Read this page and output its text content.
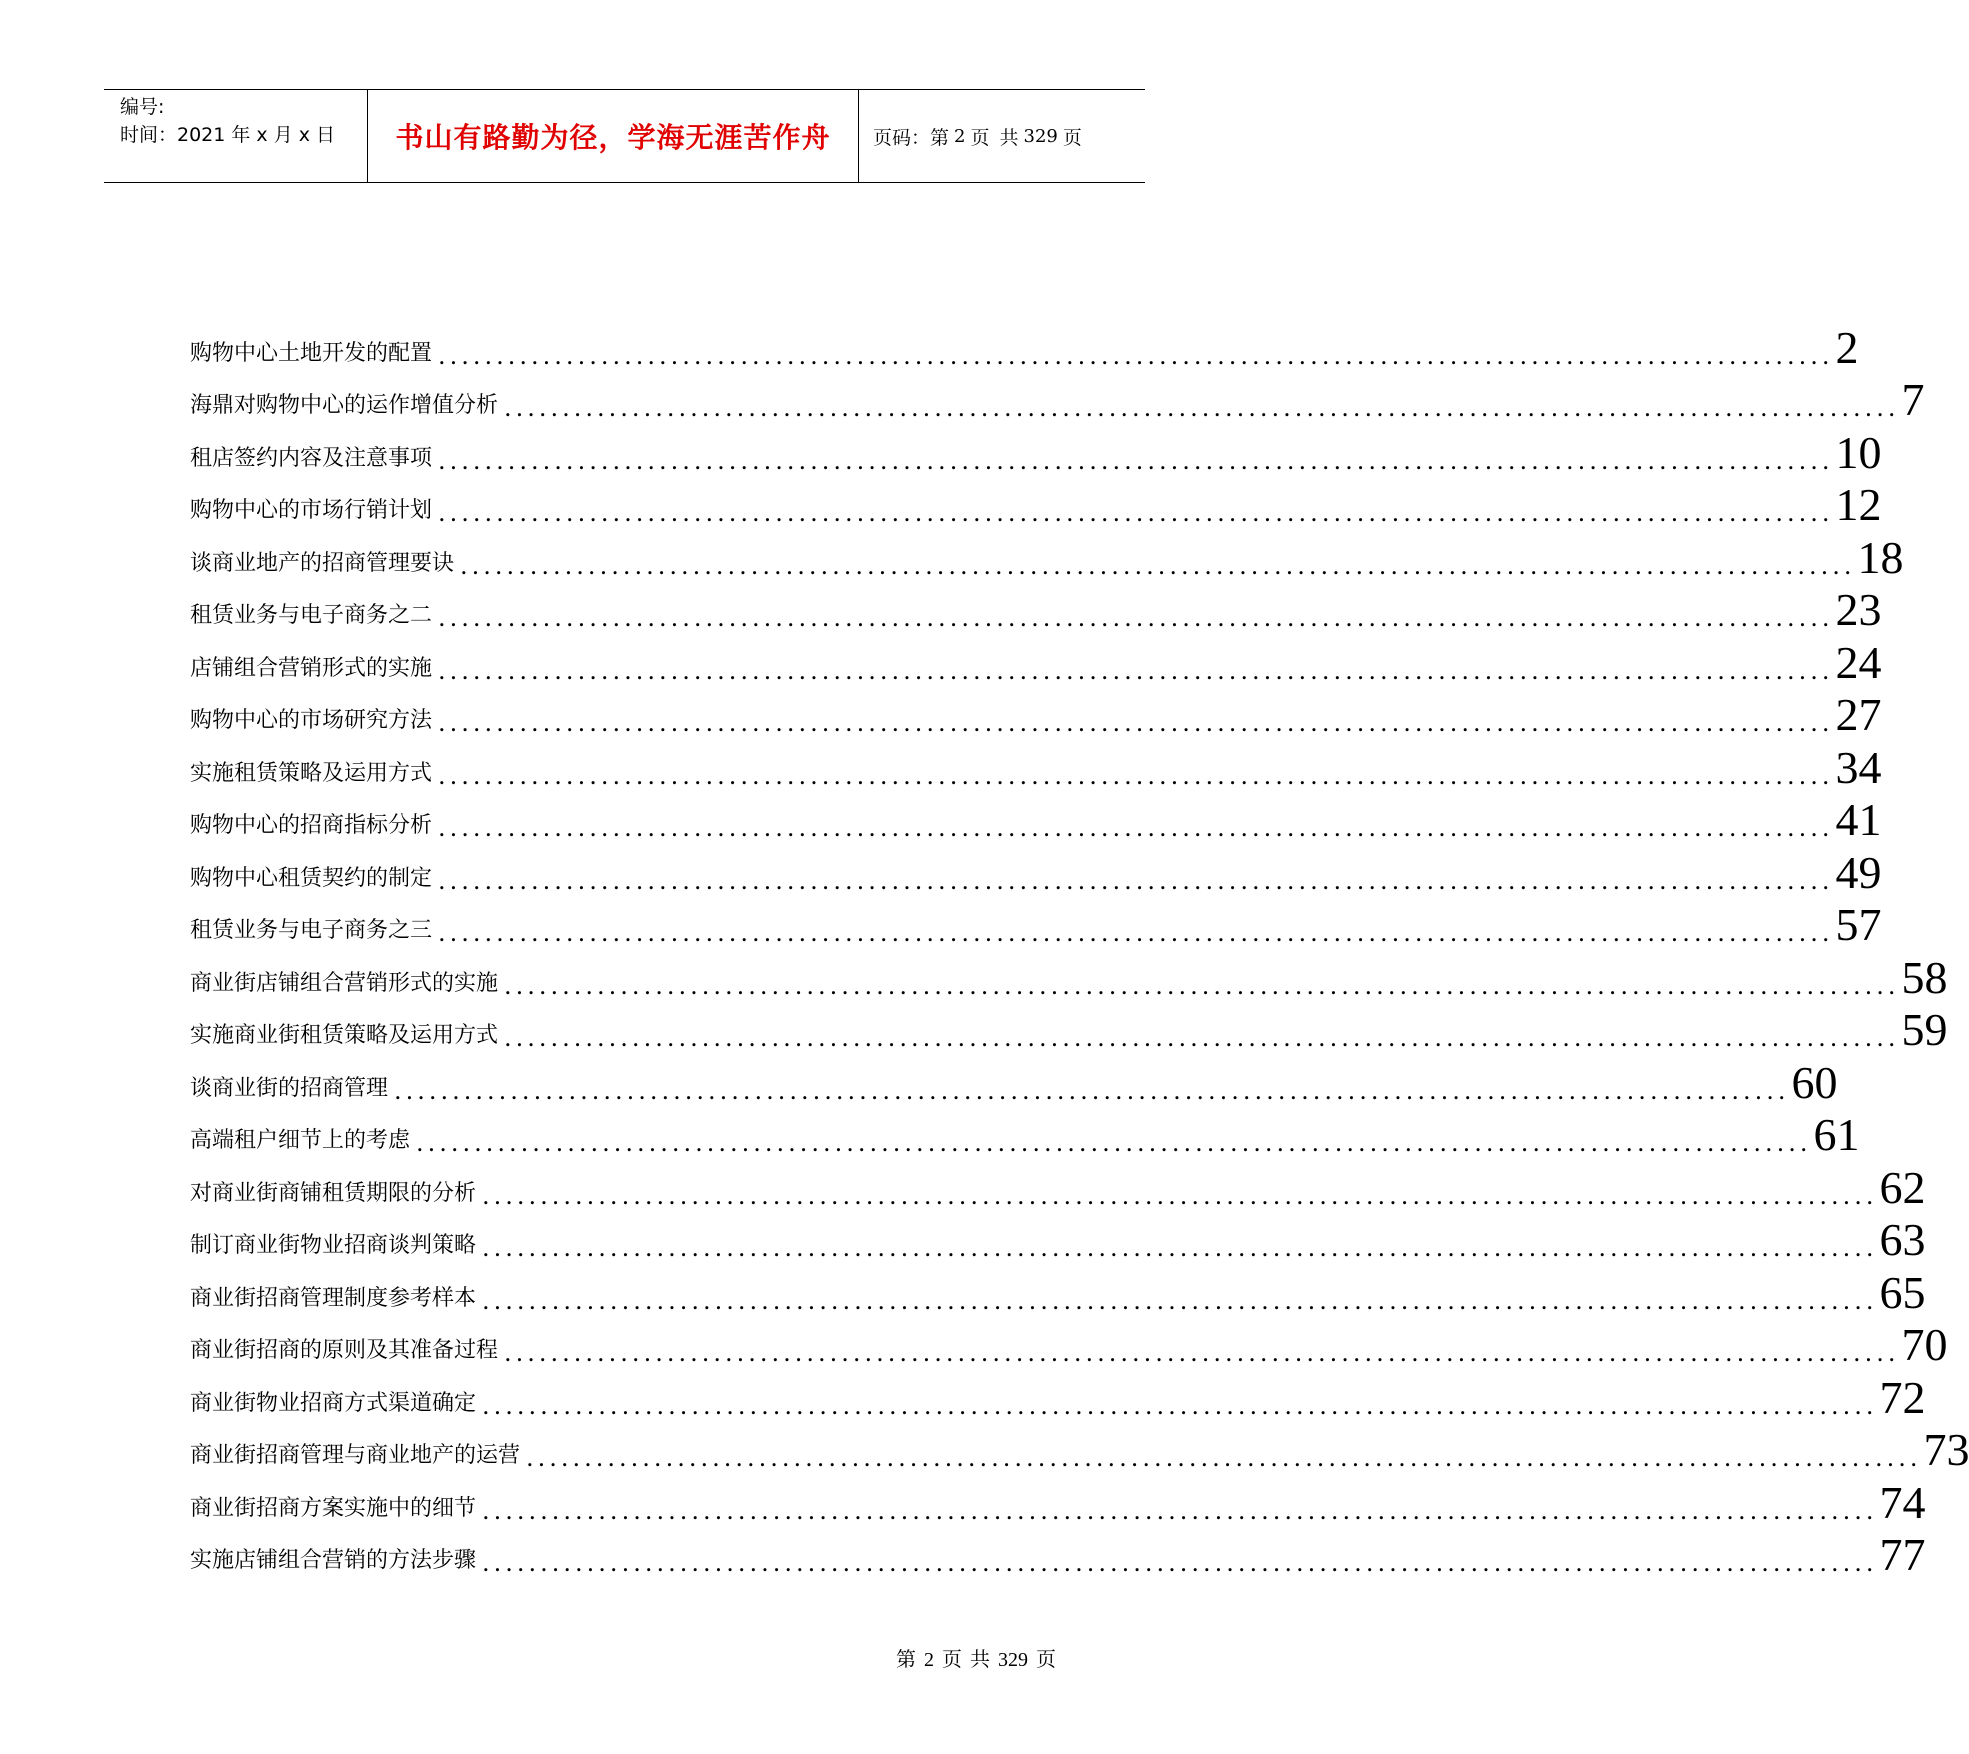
编号:
时间：2021 年 x 月 x 日	书山有路勤为径，学海无涯苦作舟	页码：第 2 页 共 329 页
购物中心土地开发的配置 ........................................................................................................................ 2
海鼎对购物中心的运作增值分析 ........................................................................................................................ 7
租店签约内容及注意事项 ........................................................................................................................ 10
购物中心的市场行销计划 ........................................................................................................................ 12
谈商业地产的招商管理要诀 ........................................................................................................................ 18
租赁业务与电子商务之二 ........................................................................................................................ 23
店铺组合营销形式的实施 ........................................................................................................................ 24
购物中心的市场研究方法 ........................................................................................................................ 27
实施租赁策略及运用方式 ........................................................................................................................ 34
购物中心的招商指标分析 ........................................................................................................................ 41
购物中心租赁契约的制定 ........................................................................................................................ 49
租赁业务与电子商务之三 ........................................................................................................................ 57
商业街店铺组合营销形式的实施 ........................................................................................................................ 58
实施商业街租赁策略及运用方式 ........................................................................................................................ 59
谈商业街的招商管理 ........................................................................................................................ 60
高端租户细节上的考虑 ........................................................................................................................ 61
对商业街商铺租赁期限的分析 ........................................................................................................................ 62
制订商业街物业招商谈判策略 ........................................................................................................................ 63
商业街招商管理制度参考样本 ........................................................................................................................ 65
商业街招商的原则及其准备过程 ........................................................................................................................ 70
商业街物业招商方式渠道确定 ........................................................................................................................ 72
商业街招商管理与商业地产的运营 ........................................................................................................................ 73
商业街招商方案实施中的细节 ........................................................................................................................ 74
实施店铺组合营销的方法步骤 ........................................................................................................................ 77
第 2 页 共 329 页
